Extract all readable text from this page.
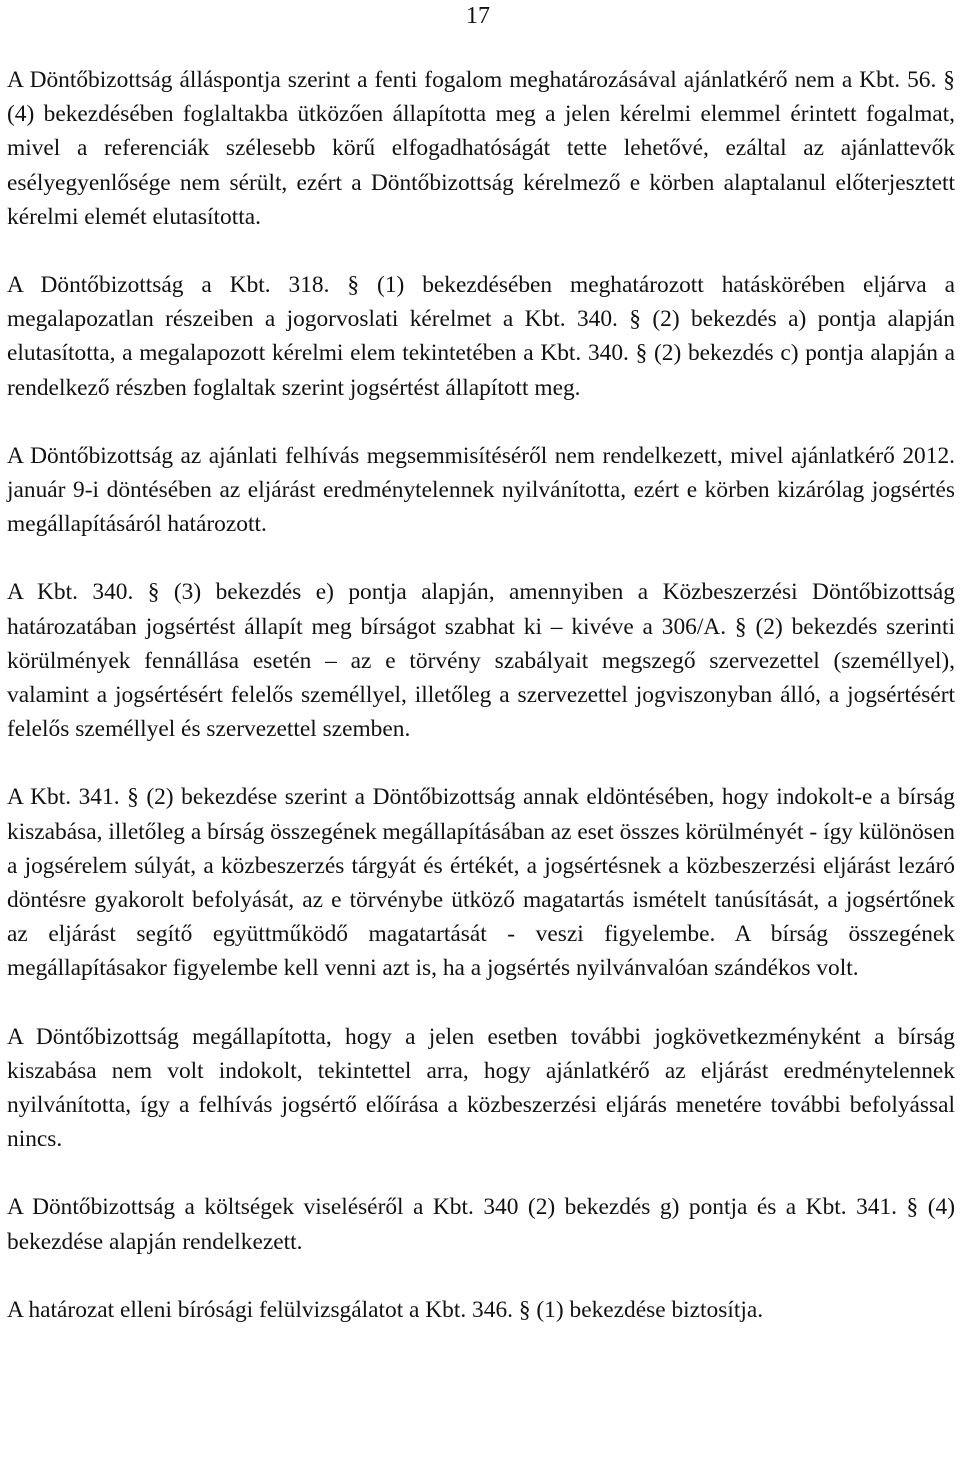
17

A Döntőbizottság álláspontja szerint a fenti fogalom meghatározásával ajánlatkérő nem a Kbt. 56. § (4) bekezdésében foglaltakba ütközően állapította meg a jelen kérelmi elemmel érintett fogalmat, mivel a referenciák szélesebb körű elfogadhatóságát tette lehetővé, ezáltal az ajánlattevők esélyegyenlősége nem sérült, ezért a Döntőbizottság kérelmező e körben alaptalanul előterjesztett kérelmi elemét elutasította.

A Döntőbizottság a Kbt. 318. § (1) bekezdésében meghatározott hatáskörében eljárva a megalapozatlan részeiben a jogorvoslati kérelmet a Kbt. 340. § (2) bekezdés a) pontja alapján elutasította, a megalapozott kérelmi elem tekintetében a Kbt. 340. § (2) bekezdés c) pontja alapján a rendelkező részben foglaltak szerint jogsértést állapított meg.

A Döntőbizottság az ajánlati felhívás megsemmisítéséről nem rendelkezett, mivel ajánlatkérő 2012. január 9-i döntésében az eljárást eredménytelennek nyilvánította, ezért e körben kizárólag jogsértés megállapításáról határozott.

A Kbt. 340. § (3) bekezdés e) pontja alapján, amennyiben a Közbeszerzési Döntőbizottság határozatában jogsértést állapít meg bírságot szabhat ki – kivéve a 306/A. § (2) bekezdés szerinti körülmények fennállása esetén – az e törvény szabályait megszegő szervezettel (személlyel), valamint a jogsértésért felelős személlyel, illetőleg a szervezettel jogviszonyban álló, a jogsértésért felelős személlyel és szervezettel szemben.

A Kbt. 341. § (2) bekezdése szerint a Döntőbizottság annak eldöntésében, hogy indokolt-e a bírság kiszabása, illetőleg a bírság összegének megállapításában az eset összes körülményét - így különösen a jogsérelem súlyát, a közbeszerzés tárgyát és értékét, a jogsértésnek a közbeszerzési eljárást lezáró döntésre gyakorolt befolyását, az e törvénybe ütköző magatartás ismételt tanúsítását, a jogsértőnek az eljárást segítő együttműködő magatartását - veszi figyelembe. A bírság összegének megállapításakor figyelembe kell venni azt is, ha a jogsértés nyilvánvalóan szándékos volt.

A Döntőbizottság megállapította, hogy a jelen esetben további jogkövetkezményként a bírság kiszabása nem volt indokolt, tekintettel arra, hogy ajánlatkérő az eljárást eredménytelennek nyilvánította, így a felhívás jogsértő előírása a közbeszerzési eljárás menetére további befolyással nincs.

A Döntőbizottság a költségek viseléséről a Kbt. 340 (2) bekezdés g) pontja és a Kbt. 341. § (4) bekezdése alapján rendelkezett.

A határozat elleni bírósági felülvizsgálatot a Kbt. 346. § (1) bekezdése biztosítja.
